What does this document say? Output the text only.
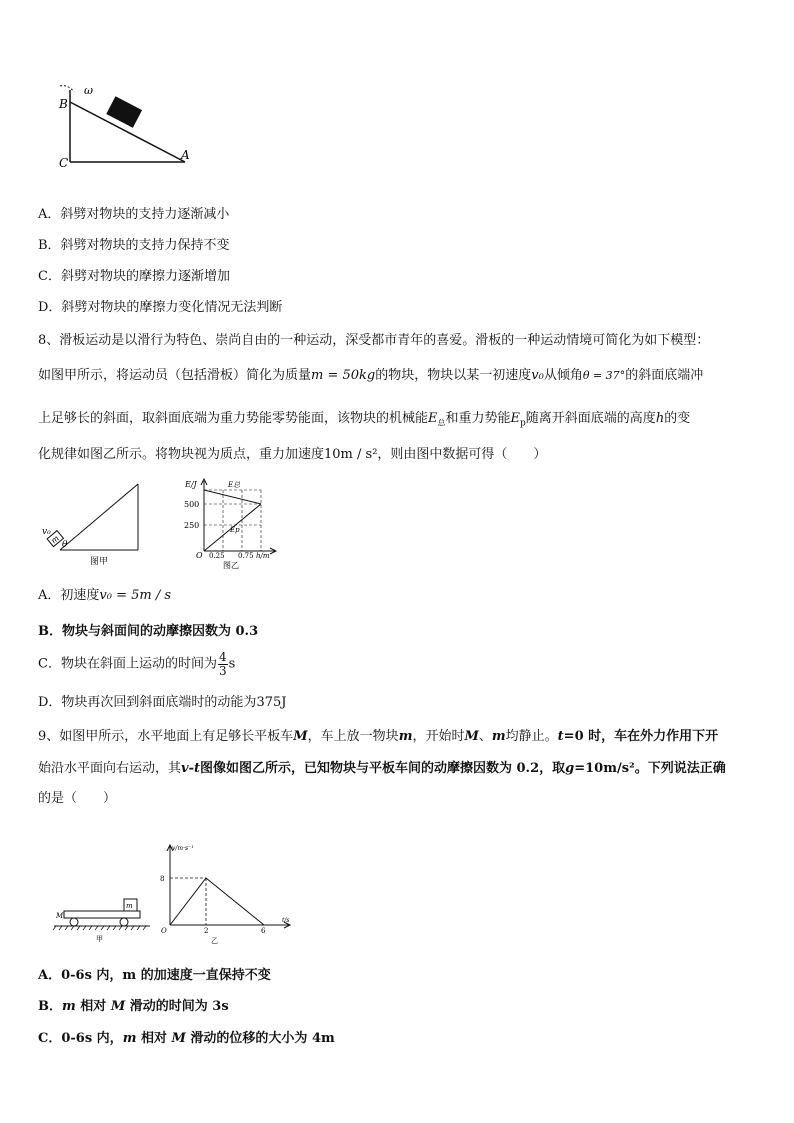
ω
B
C
A
A．斜劈对物块的支持力逐渐减小
B．斜劈对物块的支持力保持不变
C．斜劈对物块的摩擦力逐渐增加
D．斜劈对物块的摩擦力变化情况无法判断
8、滑板运动是以滑行为特色、崇尚自由的一种运动，深受都市青年的喜爱。滑板的一种运动情境可简化为如下模型：
如图甲所示，将运动员（包括滑板）简化为质量m = 50kg的物块，物块以某一初速度v₀从倾角θ = 37°的斜面底端冲
上足够长的斜面，取斜面底端为重力势能零势能面，该物块的机械能$E_总$和重力势能$E_p$随离开斜面底端的高度h的变
化规律如图乙所示。将物块视为质点，重力加速度10m / s²，则由图中数据可得（　　）
m
v₀
θ
图甲
E/J	E总
Ep
500
250
O 0.25 0.75 h/m
图乙
A．初速度v₀ = 5m / s
B．物块与斜面间的动摩擦因数为 0.3
C．物块在斜面上运动的时间为 $\frac{4}{3}$ s
D．物块再次回到斜面底端时的动能为375J
9、如图甲所示，水平地面上有足够长平板车M，车上放一物块m，开始时M、m均静止。t=0 时，车在外力作用下开
始沿水平面向右运动，其v-t图像如图乙所示，已知物块与平板车间的动摩擦因数为 0.2，取g=10m/s²。下列说法正确
的是（　　）
m
M
甲
v/m·s⁻¹
8
O	2	6
t/s
乙
A．0-6s 内，m 的加速度一直保持不变
B．m 相对 M 滑动的时间为 3s
C．0-6s 内，m 相对 M 滑动的位移的大小为 4m
